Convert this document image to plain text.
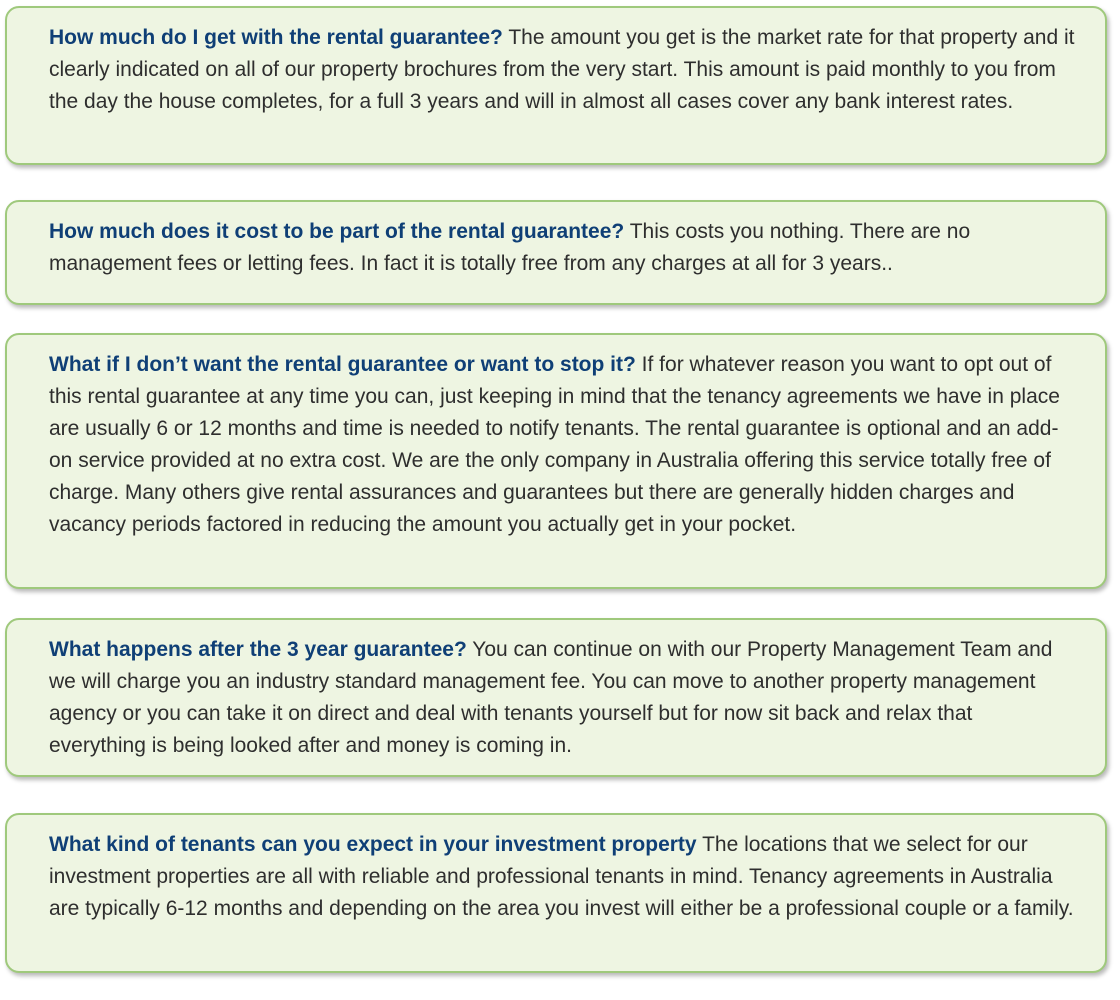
How much do I get with the rental guarantee? The amount you get is the market rate for that property and it clearly indicated on all of our property brochures from the very start. This amount is paid monthly to you from the day the house completes, for a full 3 years and will in almost all cases cover any bank interest rates.

How much does it cost to be part of the rental guarantee? This costs you nothing. There are no management fees or letting fees. In fact it is totally free from any charges at all for 3 years..

What if I don’t want the rental guarantee or want to stop it? If for whatever reason you want to opt out of this rental guarantee at any time you can, just keeping in mind that the tenancy agreements we have in place are usually 6 or 12 months and time is needed to notify tenants. The rental guarantee is optional and an add-on service provided at no extra cost. We are the only company in Australia offering this service totally free of charge. Many others give rental assurances and guarantees but there are generally hidden charges and vacancy periods factored in reducing the amount you actually get in your pocket.

What happens after the 3 year guarantee? You can continue on with our Property Management Team and we will charge you an industry standard management fee. You can move to another property management agency or you can take it on direct and deal with tenants yourself but for now sit back and relax that everything is being looked after and money is coming in.

What kind of tenants can you expect in your investment property The locations that we select for our investment properties are all with reliable and professional tenants in mind. Tenancy agreements in Australia are typically 6-12 months and depending on the area you invest will either be a professional couple or a family.
